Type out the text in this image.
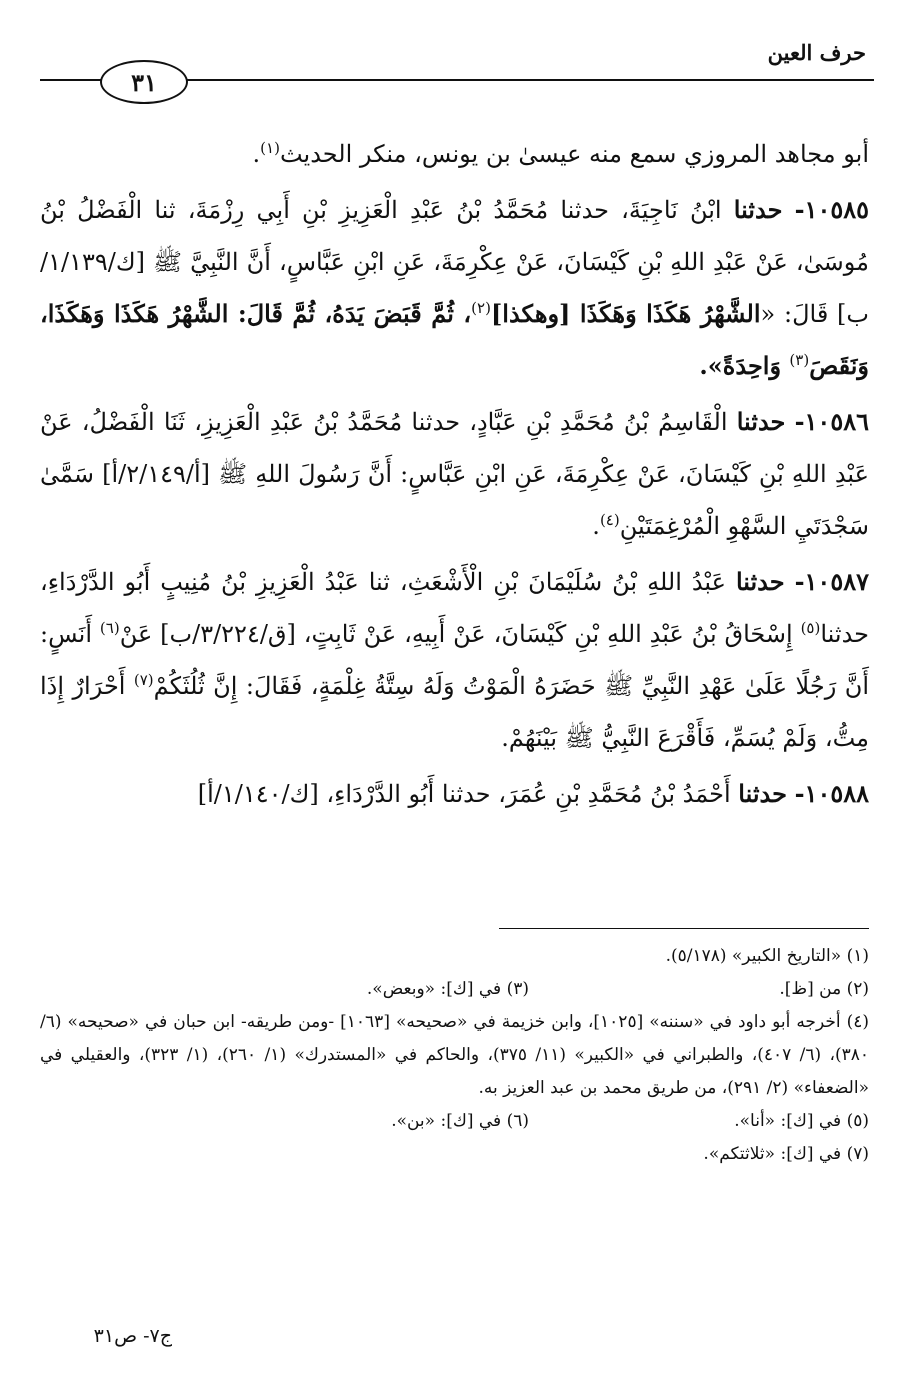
حرف العين
٣١

أبو مجاهد المروزي سمع منه عيسىٰ بن يونس، منكر الحديث$^{(١)}$.

١٠٥٨٥- حدثنا ابْنُ نَاجِيَةَ، حدثنا مُحَمَّدُ بْنُ عَبْدِ الْعَزِيزِ بْنِ أَبِي رِزْمَةَ، ثنا الْفَضْلُ بْنُ مُوسَىٰ، عَنْ عَبْدِ اللهِ بْنِ كَيْسَانَ، عَنْ عِكْرِمَةَ، عَنِ ابْنِ عَبَّاسٍ، أَنَّ النَّبِيَّ ﷺ [ك/١/١٣٩/ب] قَالَ: «الشَّهْرُ هَكَذَا وَهَكَذَا [وهكذا]$^{(٢)}$، ثُمَّ قَبَضَ يَدَهُ، ثُمَّ قَالَ: الشَّهْرُ هَكَذَا وَهَكَذَا، وَنَقَصَ$^{(٣)}$ وَاحِدَةً».

١٠٥٨٦- حدثنا الْقَاسِمُ بْنُ مُحَمَّدِ بْنِ عَبَّادٍ، حدثنا مُحَمَّدُ بْنُ عَبْدِ الْعَزِيزِ، ثَنَا الْفَضْلُ، عَنْ عَبْدِ اللهِ بْنِ كَيْسَانَ، عَنْ عِكْرِمَةَ، عَنِ ابْنِ عَبَّاسٍ: أَنَّ رَسُولَ اللهِ ﷺ [أ/٢/١٤٩/أ] سَمَّىٰ سَجْدَتَيِ السَّهْوِ الْمُرْغِمَتَيْنِ$^{(٤)}$.

١٠٥٨٧- حدثنا عَبْدُ اللهِ بْنُ سُلَيْمَانَ بْنِ الْأَشْعَثِ، ثنا عَبْدُ الْعَزِيزِ بْنُ مُنِيبٍ أَبُو الدَّرْدَاءِ، حدثنا$^{(٥)}$ إِسْحَاقُ بْنُ عَبْدِ اللهِ بْنِ كَيْسَانَ، عَنْ أَبِيهِ، عَنْ ثَابِتٍ، [ق/٣/٢٢٤/ب] عَنْ$^{(٦)}$ أَنَسٍ: أَنَّ رَجُلًا عَلَىٰ عَهْدِ النَّبِيِّ ﷺ حَضَرَهُ الْمَوْتُ وَلَهُ سِتَّةُ غِلْمَةٍ، فَقَالَ: إِنَّ ثُلُثَكُمْ$^{(٧)}$ أَحْرَارٌ إِذَا مِتُّ، وَلَمْ يُسَمِّ، فَأَقْرَعَ النَّبِيُّ ﷺ بَيْنَهُمْ.

١٠٥٨٨- حدثنا أَحْمَدُ بْنُ مُحَمَّدِ بْنِ عُمَرَ، حدثنا أَبُو الدَّرْدَاءِ، [ك/١/١٤٠/أ]

(١) «التاريخ الكبير» (٥/١٧٨).

(٢) من [ظ].
(٣) في [ك]: «وبعض».

(٤) أخرجه أبو داود في «سننه» [١٠٢٥]، وابن خزيمة في «صحيحه» [١٠٦٣] -ومن طريقه- ابن حبان في «صحيحه» (٦/ ٣٨٠)، (٦/ ٤٠٧)، والطبراني في «الكبير» (١١/ ٣٧٥)، والحاكم في «المستدرك» (١/ ٢٦٠)، (١/ ٣٢٣)، والعقيلي في «الضعفاء» (٢/ ٢٩١)، من طريق محمد بن عبد العزيز به.

(٥) في [ك]: «أنا».
(٦) في [ك]: «بن».

(٧) في [ك]: «ثلاثتكم».

ج٧- ص٣١
